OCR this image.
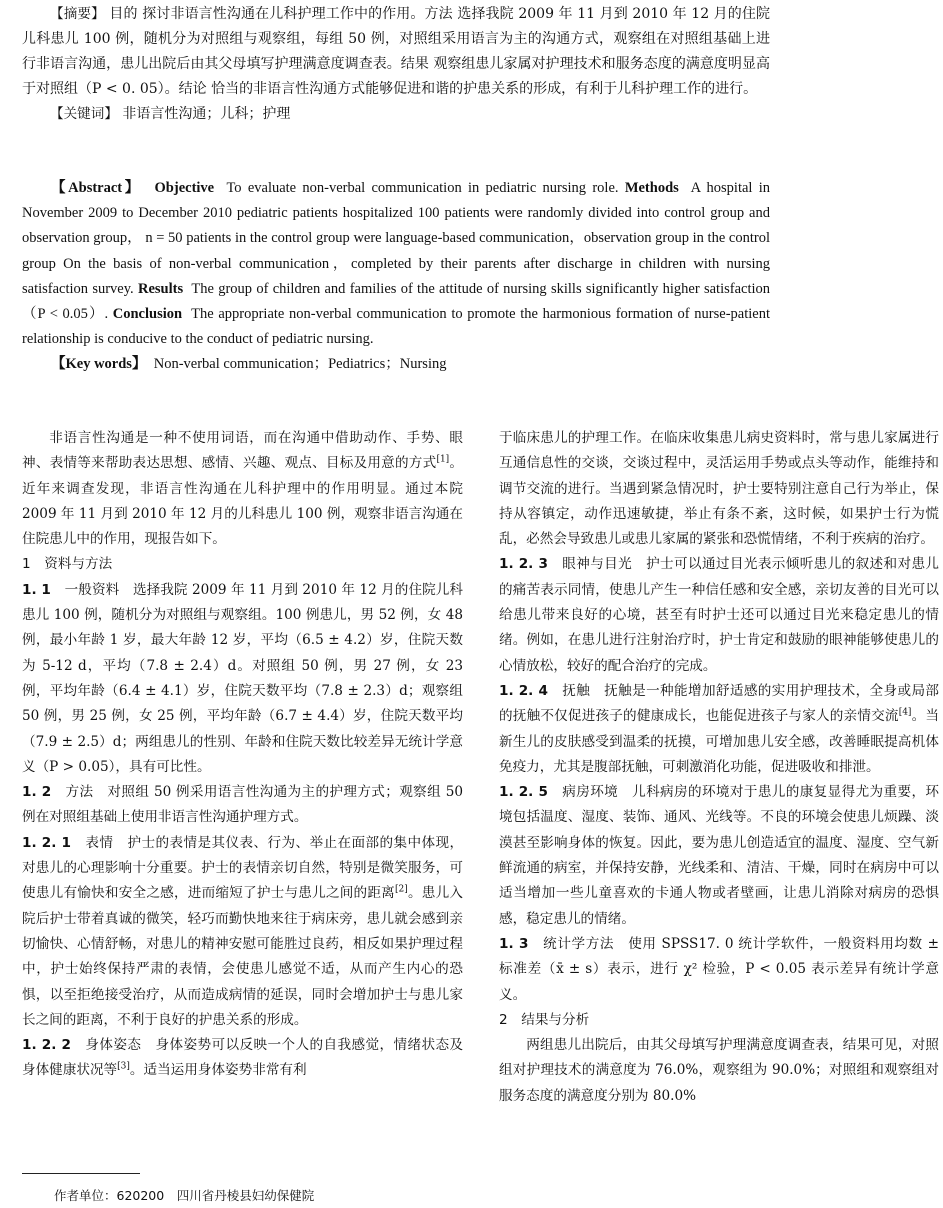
【摘要】 目的 探讨非语言性沟通在儿科护理工作中的作用。方法 选择我院 2009 年 11 月到 2010 年 12 月的住院儿科患儿 100 例，随机分为对照组与观察组，每组 50 例，对照组采用语言为主的沟通方式，观察组在对照组基础上进行非语言沟通，患儿出院后由其父母填写护理满意度调查表。结果 观察组患儿家属对护理技术和服务态度的满意度明显高于对照组（P < 0. 05）。结论 恰当的非语言性沟通方式能够促进和谐的护患关系的形成，有利于儿科护理工作的进行。

【关键词】 非语言性沟通；儿科；护理

【Abstract】 Objective To evaluate non-verbal communication in pediatric nursing role. Methods A hospital in November 2009 to December 2010 pediatric patients hospitalized 100 patients were randomly divided into control group and observation group， n = 50 patients in the control group were language-based communication，observation group in the control group On the basis of non-verbal communication，completed by their parents after discharge in children with nursing satisfaction survey. Results The group of children and families of the attitude of nursing skills significantly higher satisfaction（P < 0.05）. Conclusion The appropriate non-verbal communication to promote the harmonious formation of nurse-patient relationship is conducive to the conduct of pediatric nursing.

【Key words】 Non-verbal communication；Pediatrics；Nursing

非语言性沟通是一种不使用词语，而在沟通中借助动作、手势、眼神、表情等来帮助表达思想、感情、兴趣、观点、目标及用意的方式[1]。近年来调查发现，非语言性沟通在儿科护理中的作用明显。通过本院 2009 年 11 月到 2010 年 12 月的儿科患儿 100 例，观察非语言沟通在住院患儿中的作用，现报告如下。

1　资料与方法

1. 1　 一般资料　 选择我院 2009 年 11 月到 2010 年 12 月的住院儿科患儿 100 例，随机分为对照组与观察组。100 例患儿，男 52 例，女 48 例，最小年龄 1 岁，最大年龄 12 岁，平均（6.5 ± 4.2）岁，住院天数为 5-12 d，平均（7.8 ± 2.4）d。对照组 50 例，男 27 例，女 23 例，平均年龄（6.4 ± 4.1）岁，住院天数平均（7.8 ± 2.3）d；观察组 50 例，男 25 例，女 25 例，平均年龄（6.7 ± 4.4）岁，住院天数平均（7.9 ± 2.5）d；两组患儿的性别、年龄和住院天数比较差异无统计学意义（P > 0.05），具有可比性。

1. 2　 方法　 对照组 50 例采用语言性沟通为主的护理方式；观察组 50 例在对照组基础上使用非语言性沟通护理方式。

1. 2. 1　 表情　 护士的表情是其仪表、行为、举止在面部的集中体现，对患儿的心理影响十分重要。护士的表情亲切自然，特别是微笑服务，可使患儿有愉快和安全之感，进而缩短了护士与患儿之间的距离[2]。患儿入院后护士带着真诚的微笑，轻巧而勤快地来往于病床旁，患儿就会感到亲切愉快、心情舒畅，对患儿的精神安慰可能胜过良药，相反如果护理过程中，护士始终保持严肃的表情，会使患儿感觉不适，从而产生内心的恐惧，以至拒绝接受治疗，从而造成病情的延误，同时会增加护士与患儿家长之间的距离，不利于良好的护患关系的形成。

1. 2. 2　 身体姿态　 身体姿势可以反映一个人的自我感觉，情绪状态及身体健康状况等[3]。适当运用身体姿势非常有利

于临床患儿的护理工作。在临床收集患儿病史资料时，常与患儿家属进行互通信息性的交谈，交谈过程中，灵活运用手势或点头等动作，能维持和调节交流的进行。当遇到紧急情况时，护士要特别注意自己行为举止，保持从容镇定，动作迅速敏捷，举止有条不紊，这时候，如果护士行为慌乱，必然会导致患儿或患儿家属的紧张和恐慌情绪，不利于疾病的治疗。

1. 2. 3　 眼神与目光　 护士可以通过目光表示倾听患儿的叙述和对患儿的痛苦表示同情，使患儿产生一种信任感和安全感，亲切友善的目光可以给患儿带来良好的心境，甚至有时护士还可以通过目光来稳定患儿的情绪。例如，在患儿进行注射治疗时，护士肯定和鼓励的眼神能够使患儿的心情放松，较好的配合治疗的完成。

1. 2. 4　 抚触　 抚触是一种能增加舒适感的实用护理技术，全身或局部的抚触不仅促进孩子的健康成长，也能促进孩子与家人的亲情交流[4]。当新生儿的皮肤感受到温柔的抚摸，可增加患儿安全感，改善睡眠提高机体免疫力，尤其是腹部抚触，可刺激消化功能，促进吸收和排泄。

1. 2. 5　 病房环境　 儿科病房的环境对于患儿的康复显得尤为重要，环境包括温度、湿度、装饰、通风、光线等。不良的环境会使患儿烦躁、淡漠甚至影响身体的恢复。因此，要为患儿创造适宜的温度、湿度、空气新鲜流通的病室，并保持安静，光线柔和、清洁、干燥，同时在病房中可以适当增加一些儿童喜欢的卡通人物或者壁画，让患儿消除对病房的恐惧感，稳定患儿的情绪。

1. 3　 统计学方法　 使用 SPSS17. 0 统计学软件，一般资料用均数 ± 标准差（x̄ ± s）表示，进行 χ² 检验，P < 0.05 表示差异有统计学意义。

2　结果与分析

两组患儿出院后，由其父母填写护理满意度调查表，结果可见，对照组对护理技术的满意度为 76.0%，观察组为 90.0%；对照组和观察组对服务态度的满意度分别为 80.0%

作者单位：620200　四川省丹棱县妇幼保健院
